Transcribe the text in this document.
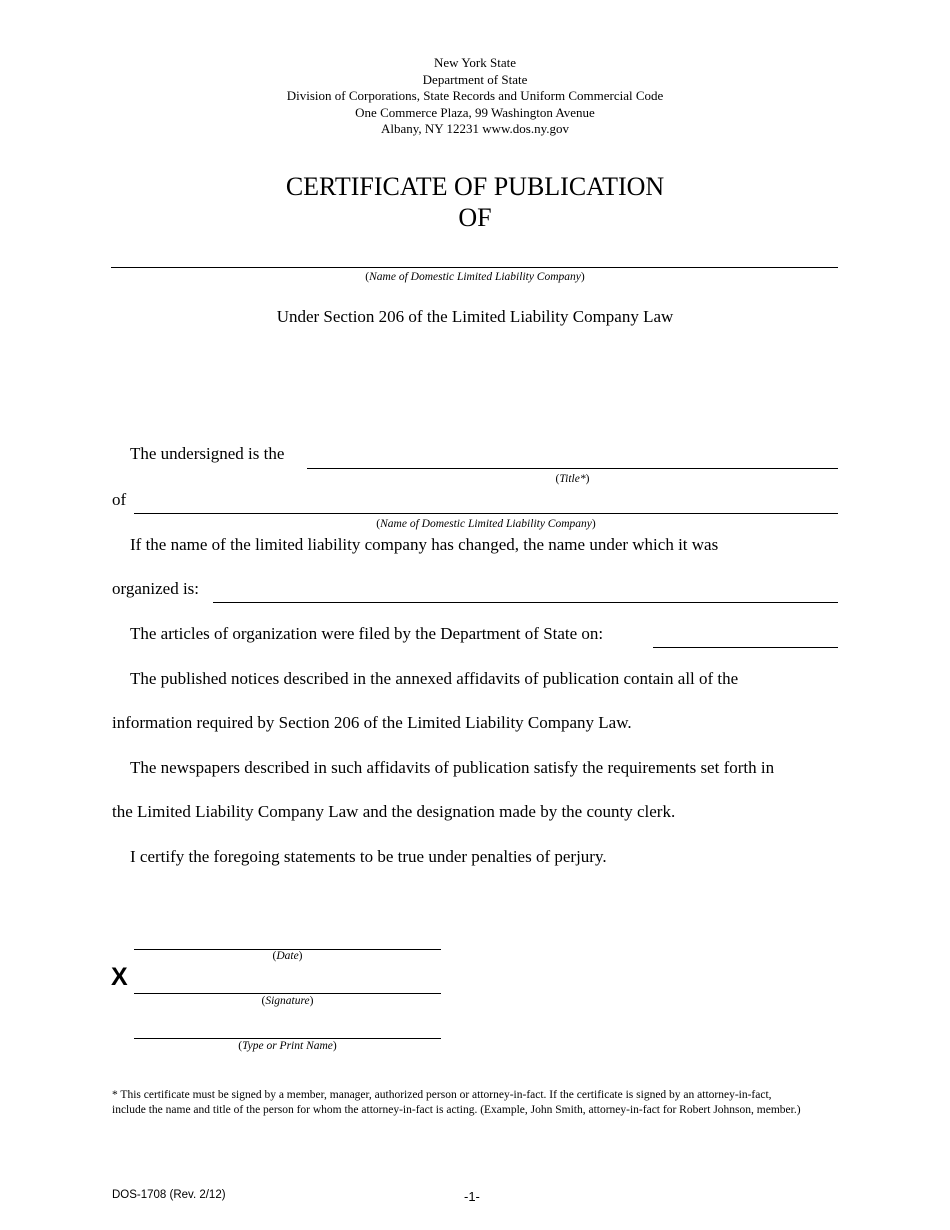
New York State
Department of State
Division of Corporations, State Records and Uniform Commercial Code
One Commerce Plaza, 99 Washington Avenue
Albany, NY 12231 www.dos.ny.gov
CERTIFICATE OF PUBLICATION
OF
(Name of Domestic Limited Liability Company)
Under Section 206 of the Limited Liability Company Law
The undersigned is the
(Title*)
of
(Name of Domestic Limited Liability Company)
If the name of the limited liability company has changed, the name under which it was
organized is:
The articles of organization were filed by the Department of State on:
The published notices described in the annexed affidavits of publication contain all of the
information required by Section 206 of the Limited Liability Company Law.
The newspapers described in such affidavits of publication satisfy the requirements set forth in
the Limited Liability Company Law and the designation made by the county clerk.
I certify the foregoing statements to be true under penalties of perjury.
(Date)
X
(Signature)
(Type or Print Name)
* This certificate must be signed by a member, manager, authorized person or attorney-in-fact. If the certificate is signed by an attorney-in-fact,
include the name and title of the person for whom the attorney-in-fact is acting. (Example, John Smith, attorney-in-fact for Robert Johnson, member.)
DOS-1708 (Rev. 2/12)	-1-
